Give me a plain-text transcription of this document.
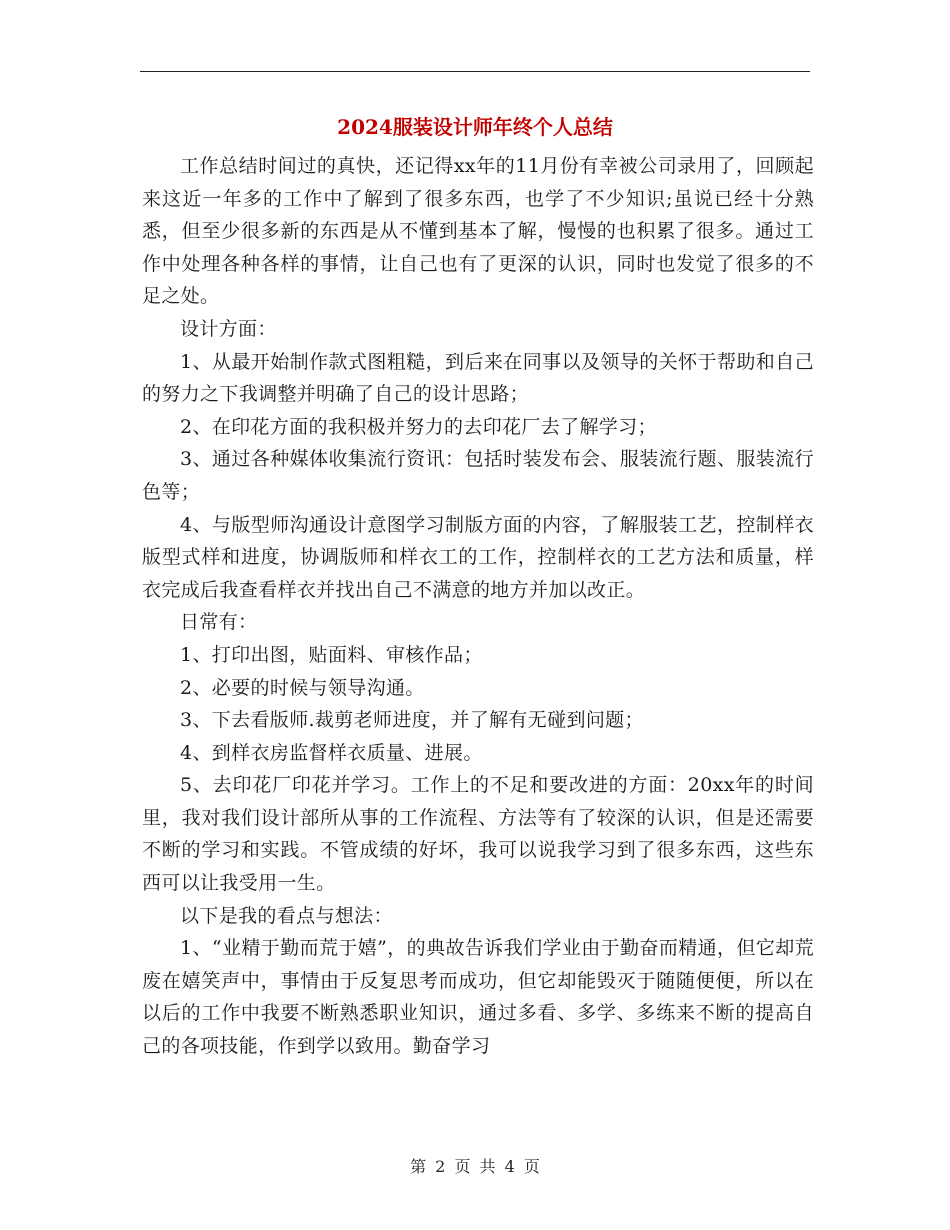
2024服装设计师年终个人总结

工作总结时间过的真快，还记得xx年的11月份有幸被公司录用了，回顾起来这近一年多的工作中了解到了很多东西，也学了不少知识;虽说已经十分熟悉，但至少很多新的东西是从不懂到基本了解，慢慢的也积累了很多。通过工作中处理各种各样的事情，让自己也有了更深的认识，同时也发觉了很多的不足之处。

设计方面：

1、从最开始制作款式图粗糙，到后来在同事以及领导的关怀于帮助和自己的努力之下我调整并明确了自己的设计思路；

2、在印花方面的我积极并努力的去印花厂去了解学习；

3、通过各种媒体收集流行资讯：包括时装发布会、服装流行题、服装流行色等；

4、与版型师沟通设计意图学习制版方面的内容，了解服装工艺，控制样衣版型式样和进度，协调版师和样衣工的工作，控制样衣的工艺方法和质量，样衣完成后我查看样衣并找出自己不满意的地方并加以改正。

日常有：

1、打印出图，贴面料、审核作品；

2、必要的时候与领导沟通。

3、下去看版师.裁剪老师进度，并了解有无碰到问题；

4、到样衣房监督样衣质量、进展。

5、去印花厂印花并学习。工作上的不足和要改进的方面：20xx年的时间里，我对我们设计部所从事的工作流程、方法等有了较深的认识，但是还需要不断的学习和实践。不管成绩的好坏，我可以说我学习到了很多东西，这些东西可以让我受用一生。

以下是我的看点与想法：

1、“业精于勤而荒于嬉”，的典故告诉我们学业由于勤奋而精通，但它却荒废在嬉笑声中，事情由于反复思考而成功，但它却能毁灭于随随便便，所以在以后的工作中我要不断熟悉职业知识，通过多看、多学、多练来不断的提高自己的各项技能，作到学以致用。勤奋学习

第 2 页 共 4 页
